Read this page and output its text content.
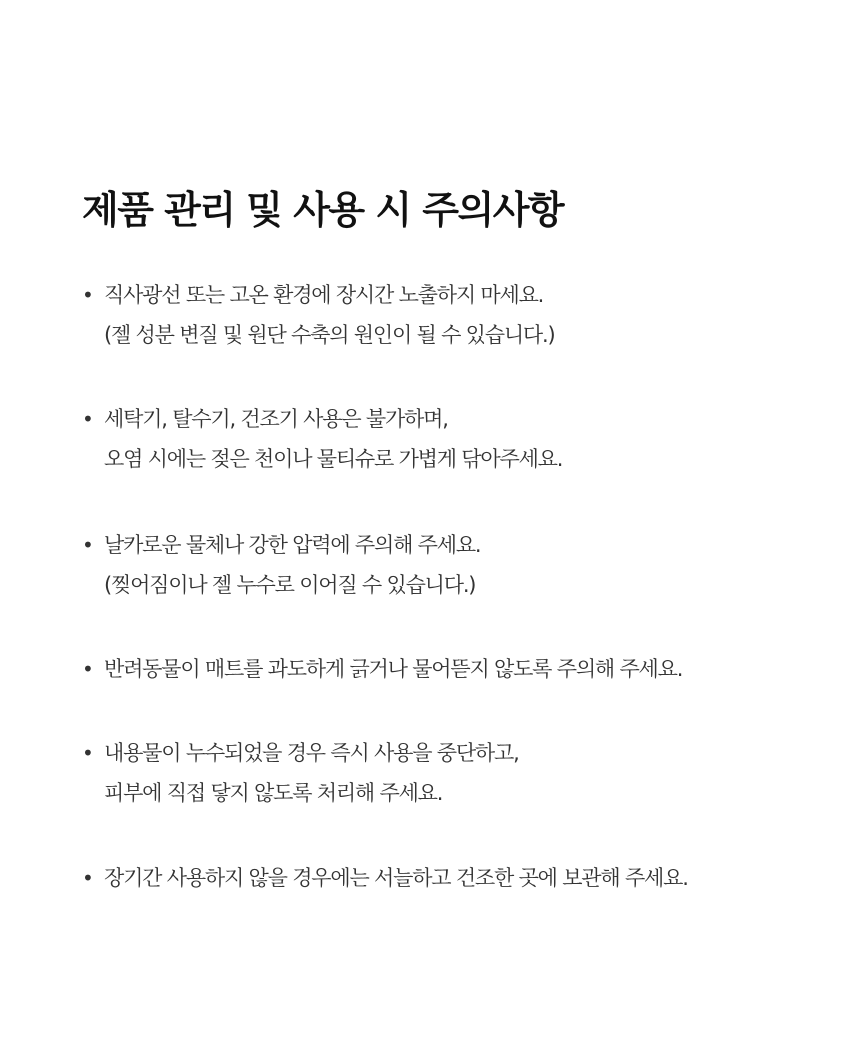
제품 관리 및 사용 시 주의사항
• 직사광선 또는 고온 환경에 장시간 노출하지 마세요.
(젤 성분 변질 및 원단 수축의 원인이 될 수 있습니다.)
• 세탁기, 탈수기, 건조기 사용은 불가하며,
오염 시에는 젖은 천이나 물티슈로 가볍게 닦아주세요.
• 날카로운 물체나 강한 압력에 주의해 주세요.
(찢어짐이나 젤 누수로 이어질 수 있습니다.)
• 반려동물이 매트를 과도하게 긁거나 물어뜯지 않도록 주의해 주세요.
• 내용물이 누수되었을 경우 즉시 사용을 중단하고,
피부에 직접 닿지 않도록 처리해 주세요.
• 장기간 사용하지 않을 경우에는 서늘하고 건조한 곳에 보관해 주세요.
